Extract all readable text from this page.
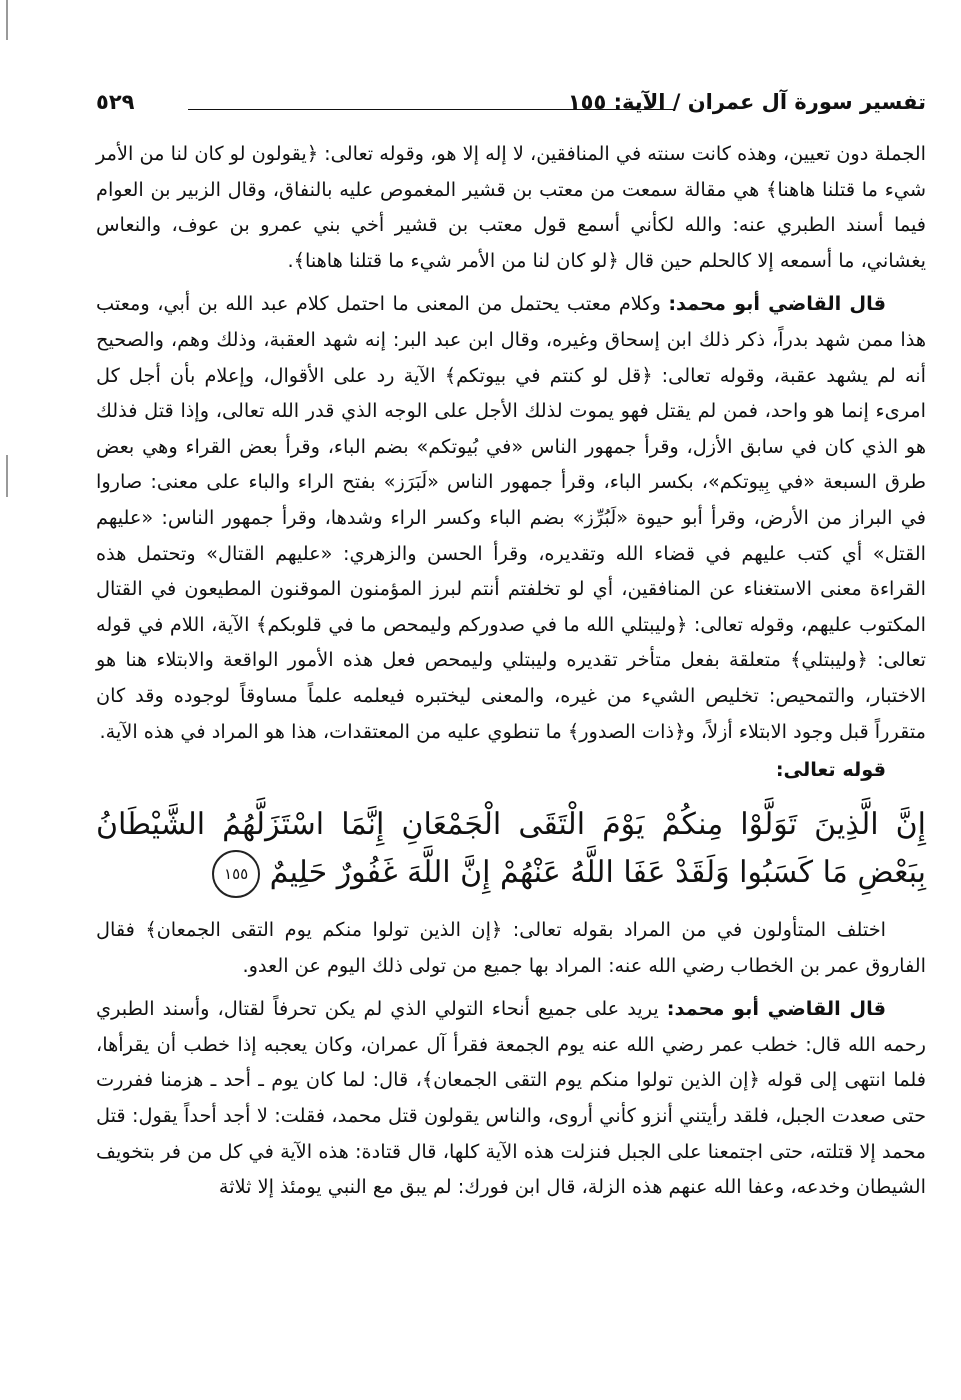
تفسير سورة آل عمران / الآية: ١٥٥
٥٢٩

الجملة دون تعيين، وهذه كانت سنته في المنافقين، لا إله إلا هو، وقوله تعالى: ﴿يقولون لو كان لنا من الأمر شيء ما قتلنا هاهنا﴾ هي مقالة سمعت من معتب بن قشير المغموص عليه بالنفاق، وقال الزبير بن العوام فيما أسند الطبري عنه: والله لكأني أسمع قول معتب بن قشير أخي بني عمرو بن عوف، والنعاس يغشاني، ما أسمعه إلا كالحلم حين قال ﴿لو كان لنا من الأمر شيء ما قتلنا هاهنا﴾.

قال القاضي أبو محمد: وكلام معتب يحتمل من المعنى ما احتمل كلام عبد الله بن أبي، ومعتب هذا ممن شهد بدراً، ذكر ذلك ابن إسحاق وغيره، وقال ابن عبد البر: إنه شهد العقبة، وذلك وهم، والصحيح أنه لم يشهد عقبة، وقوله تعالى: ﴿قل لو كنتم في بيوتكم﴾ الآية رد على الأقوال، وإعلام بأن أجل كل امرىء إنما هو واحد، فمن لم يقتل فهو يموت لذلك الأجل على الوجه الذي قدر الله تعالى، وإذا قتل فذلك هو الذي كان في سابق الأزل، وقرأ جمهور الناس «في بُيوتكم» بضم الباء، وقرأ بعض القراء وهي بعض طرق السبعة «في بِيوتكم»، بكسر الباء، وقرأ جمهور الناس «لَبَرَز» بفتح الراء والباء على معنى: صاروا في البراز من الأرض، وقرأ أبو حيوة «لَبُرِّز» بضم الباء وكسر الراء وشدها، وقرأ جمهور الناس: «عليهم القتل» أي كتب عليهم في قضاء الله وتقديره، وقرأ الحسن والزهري: «عليهم القتال» وتحتمل هذه القراءة معنى الاستغناء عن المنافقين، أي لو تخلفتم أنتم لبرز المؤمنون الموقنون المطيعون في القتال المكتوب عليهم، وقوله تعالى: ﴿وليبتلي الله ما في صدوركم وليمحص ما في قلوبكم﴾ الآية، اللام في قوله تعالى: ﴿وليبتلي﴾ متعلقة بفعل متأخر تقديره وليبتلي وليمحص فعل هذه الأمور الواقعة والابتلاء هنا هو الاختبار، والتمحيص: تخليص الشيء من غيره، والمعنى ليختبره فيعلمه علماً مساوقاً لوجوده وقد كان متقرراً قبل وجود الابتلاء أزلاً، و﴿ذات الصدور﴾ ما تنطوي عليه من المعتقدات، هذا هو المراد في هذه الآية.

قوله تعالى:

إِنَّ الَّذِينَ تَوَلَّوْا مِنكُمْ يَوْمَ الْتَقَى الْجَمْعَانِ إِنَّمَا اسْتَزَلَّهُمُ الشَّيْطَانُ بِبَعْضِ مَا كَسَبُوا وَلَقَدْ عَفَا اللَّهُ عَنْهُمْ إِنَّ اللَّهَ غَفُورٌ حَلِيمٌ ١٥٥

اختلف المتأولون في من المراد بقوله تعالى: ﴿إن الذين تولوا منكم يوم التقى الجمعان﴾ فقال الفاروق عمر بن الخطاب رضي الله عنه: المراد بها جميع من تولى ذلك اليوم عن العدو.

قال القاضي أبو محمد: يريد على جميع أنحاء التولي الذي لم يكن تحرفاً لقتال، وأسند الطبري رحمه الله قال: خطب عمر رضي الله عنه يوم الجمعة فقرأ آل عمران، وكان يعجبه إذا خطب أن يقرأها، فلما انتهى إلى قوله ﴿إن الذين تولوا منكم يوم التقى الجمعان﴾، قال: لما كان يوم ـ أحد ـ هزمنا ففررت حتى صعدت الجبل، فلقد رأيتني أنزو كأني أروى، والناس يقولون قتل محمد، فقلت: لا أجد أحداً يقول: قتل محمد إلا قتلته، حتى اجتمعنا على الجبل فنزلت هذه الآية كلها، قال قتادة: هذه الآية في كل من فر بتخويف الشيطان وخدعه، وعفا الله عنهم هذه الزلة، قال ابن فورك: لم يبق مع النبي يومئذ إلا ثلاثة
